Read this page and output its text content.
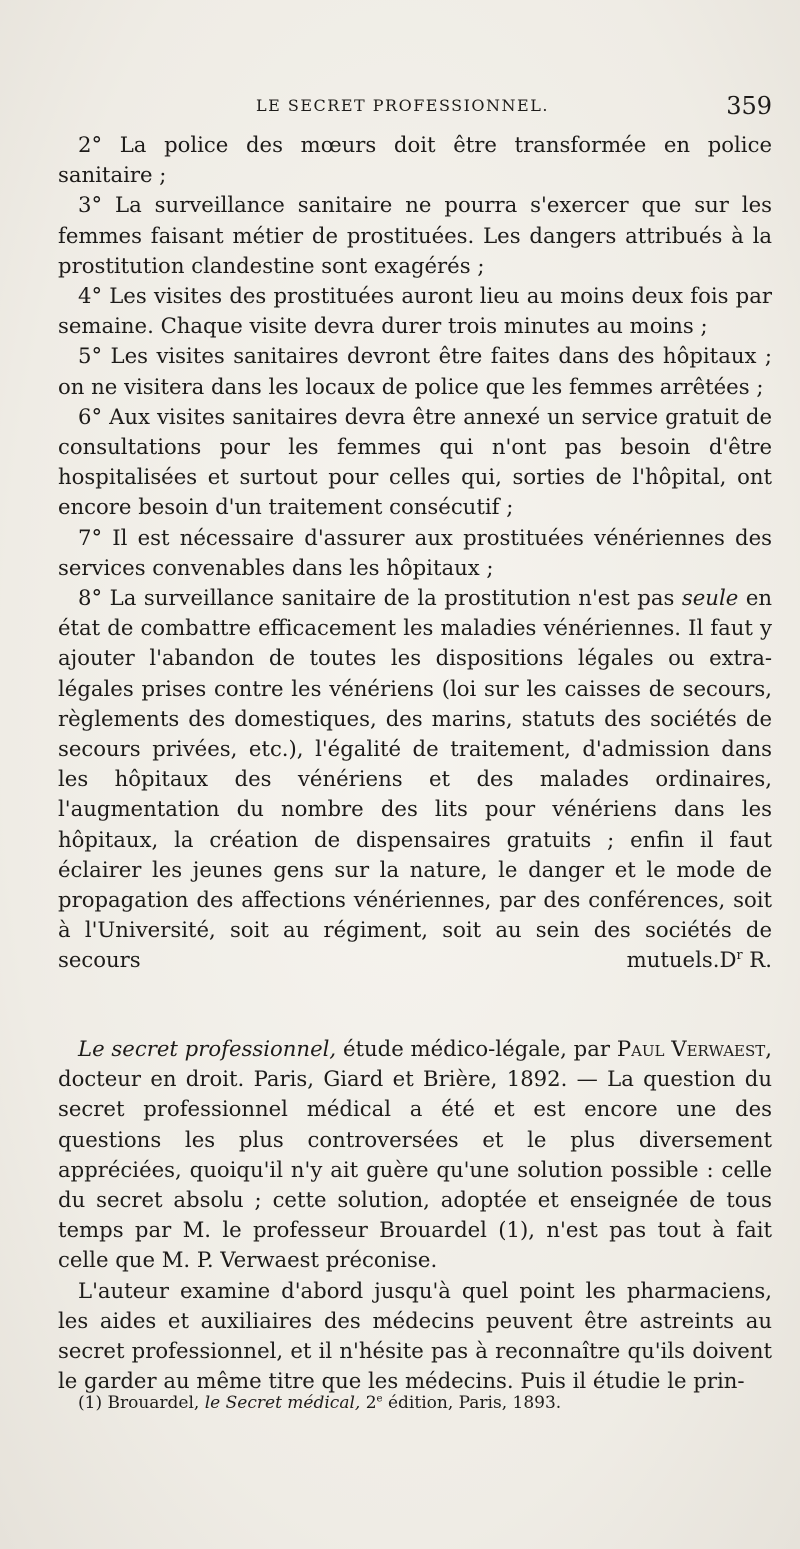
LE SECRET PROFESSIONNEL.	359

2° La police des mœurs doit être transformée en police sanitaire ;

3° La surveillance sanitaire ne pourra s'exercer que sur les femmes faisant métier de prostituées. Les dangers attribués à la prostitution clandestine sont exagérés ;

4° Les visites des prostituées auront lieu au moins deux fois par semaine. Chaque visite devra durer trois minutes au moins ;

5° Les visites sanitaires devront être faites dans des hôpitaux ; on ne visitera dans les locaux de police que les femmes arrêtées ;

6° Aux visites sanitaires devra être annexé un service gratuit de consultations pour les femmes qui n'ont pas besoin d'être hospitalisées et surtout pour celles qui, sorties de l'hôpital, ont encore besoin d'un traitement consécutif ;

7° Il est nécessaire d'assurer aux prostituées vénériennes des services convenables dans les hôpitaux ;

8° La surveillance sanitaire de la prostitution n'est pas seule en état de combattre efficacement les maladies vénériennes. Il faut y ajouter l'abandon de toutes les dispositions légales ou extra-légales prises contre les vénériens (loi sur les caisses de secours, règlements des domestiques, des marins, statuts des sociétés de secours privées, etc.), l'égalité de traitement, d'admission dans les hôpitaux des vénériens et des malades ordinaires, l'augmentation du nombre des lits pour vénériens dans les hôpitaux, la création de dispensaires gratuits ; enfin il faut éclairer les jeunes gens sur la nature, le danger et le mode de propagation des affections vénériennes, par des conférences, soit à l'Université, soit au régiment, soit au sein des sociétés de secours mutuels. $D^r$ R.

Le secret professionnel, étude médico-légale, par Paul Verwaest, docteur en droit. Paris, Giard et Brière, 1892. — La question du secret professionnel médical a été et est encore une des questions les plus controversées et le plus diversement appréciées, quoiqu'il n'y ait guère qu'une solution possible : celle du secret absolu ; cette solution, adoptée et enseignée de tous temps par M. le professeur Brouardel (1), n'est pas tout à fait celle que M. P. Verwaest préconise.

L'auteur examine d'abord jusqu'à quel point les pharmaciens, les aides et auxiliaires des médecins peuvent être astreints au secret professionnel, et il n'hésite pas à reconnaître qu'ils doivent le garder au même titre que les médecins. Puis il étudie le prin-

(1) Brouardel, le Secret médical, 2e édition, Paris, 1893.
